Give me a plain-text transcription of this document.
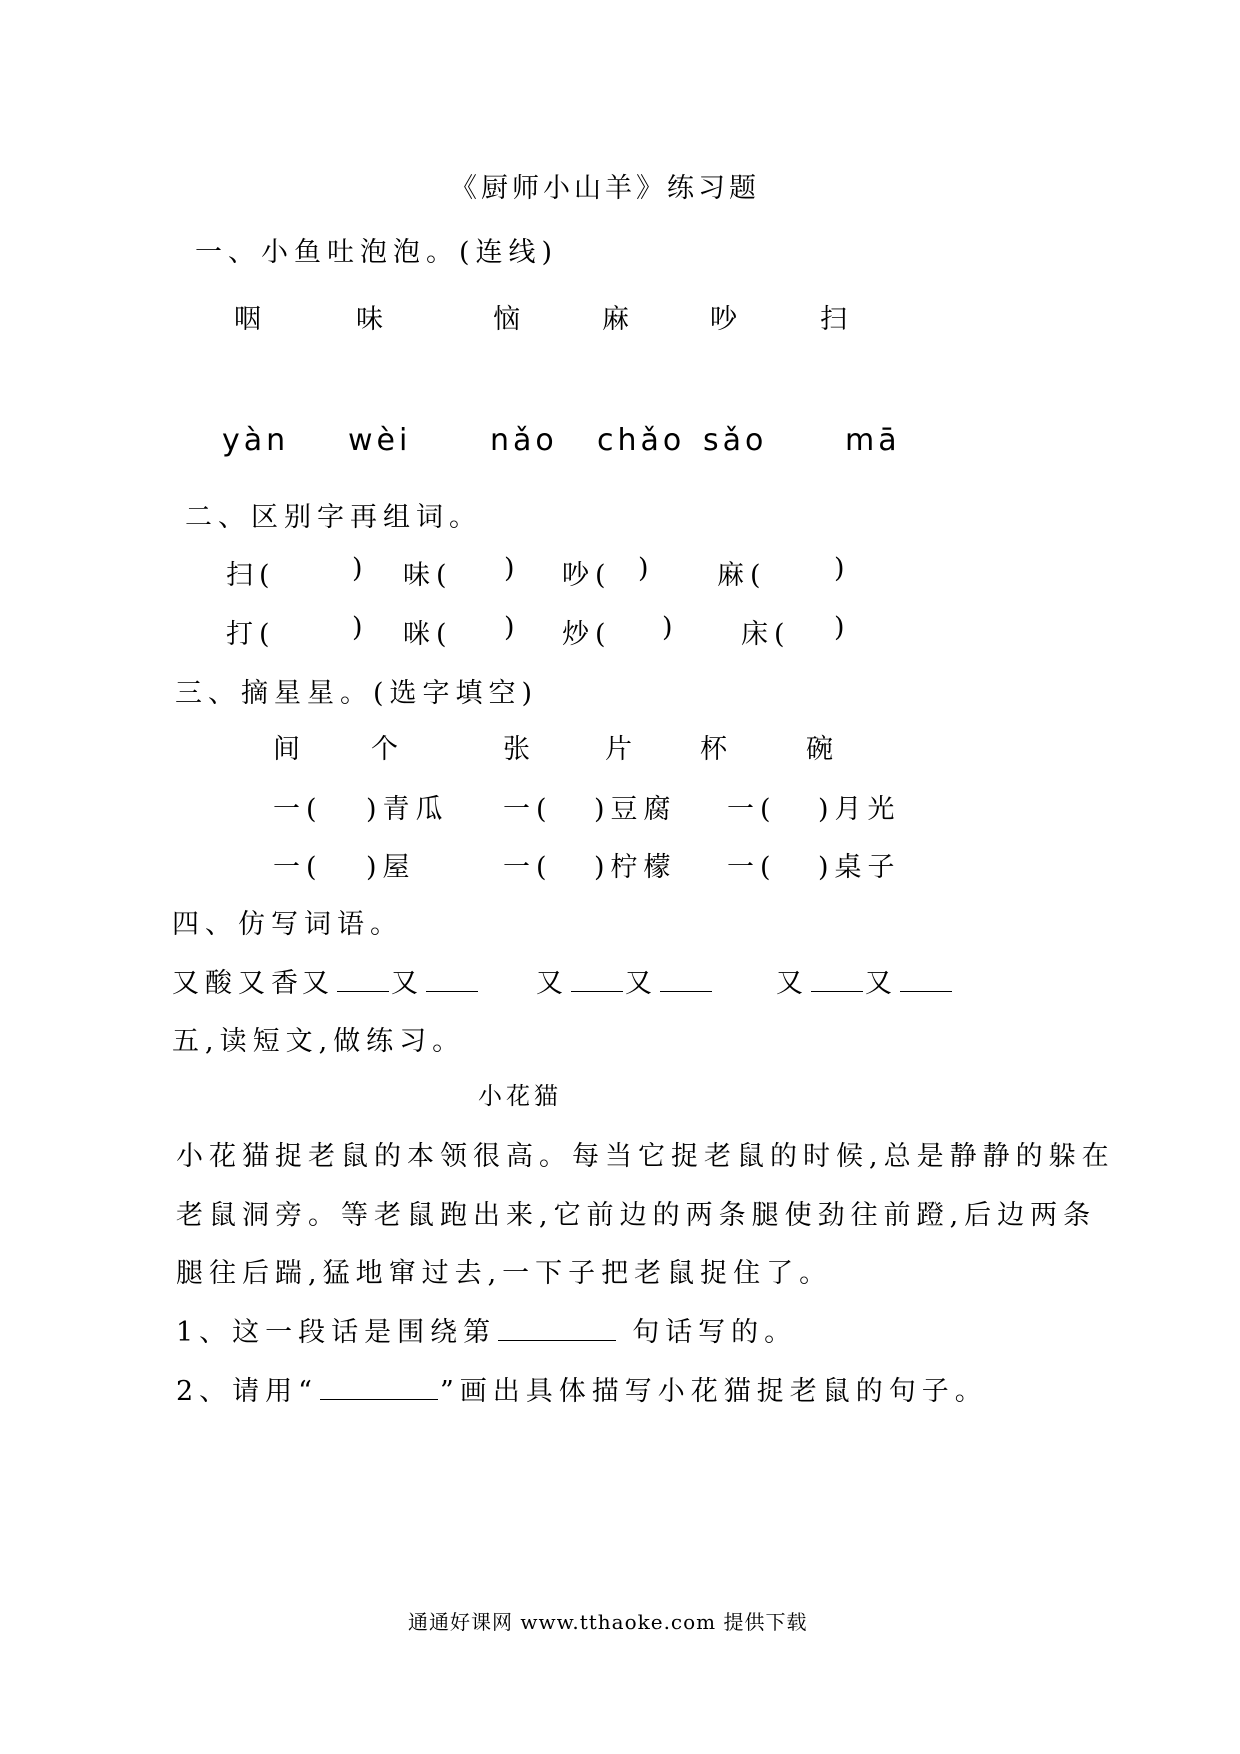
《厨师小山羊》练习题
一、小鱼吐泡泡。(连线)
咽	味	恼	麻	吵	扫
yàn wèi	nǎo chǎo sǎo	mā
二、区别字再组词。
扫(	) 味( ) 吵( ) 麻( )
打(	) 咪( ) 炒( ) 床( )
三、摘星星。(选字填空)
间 个	张	片 杯	碗
一( )青瓜 一( )豆腐 一( )月光
一( )屋	一( )柠檬 一( )桌子
四、仿写词语。
又酸又香
又 又	又 又	又 又
五,读短文,做练习。
小花猫
小花猫捉老鼠的本领很高。每当它捉老鼠的时候,总是静静的躲在
老鼠洞旁。等老鼠跑出来,它前边的两条腿使劲往前蹬,后边两条
腿往后踹,猛地窜过去,一下子把老鼠捉住了。
1、这一段话是围绕第	句话写的。
2、请用“	”画出具体描写小花猫捉老鼠的句子。
通通好课网 www.tthaoke.com 提供下载
